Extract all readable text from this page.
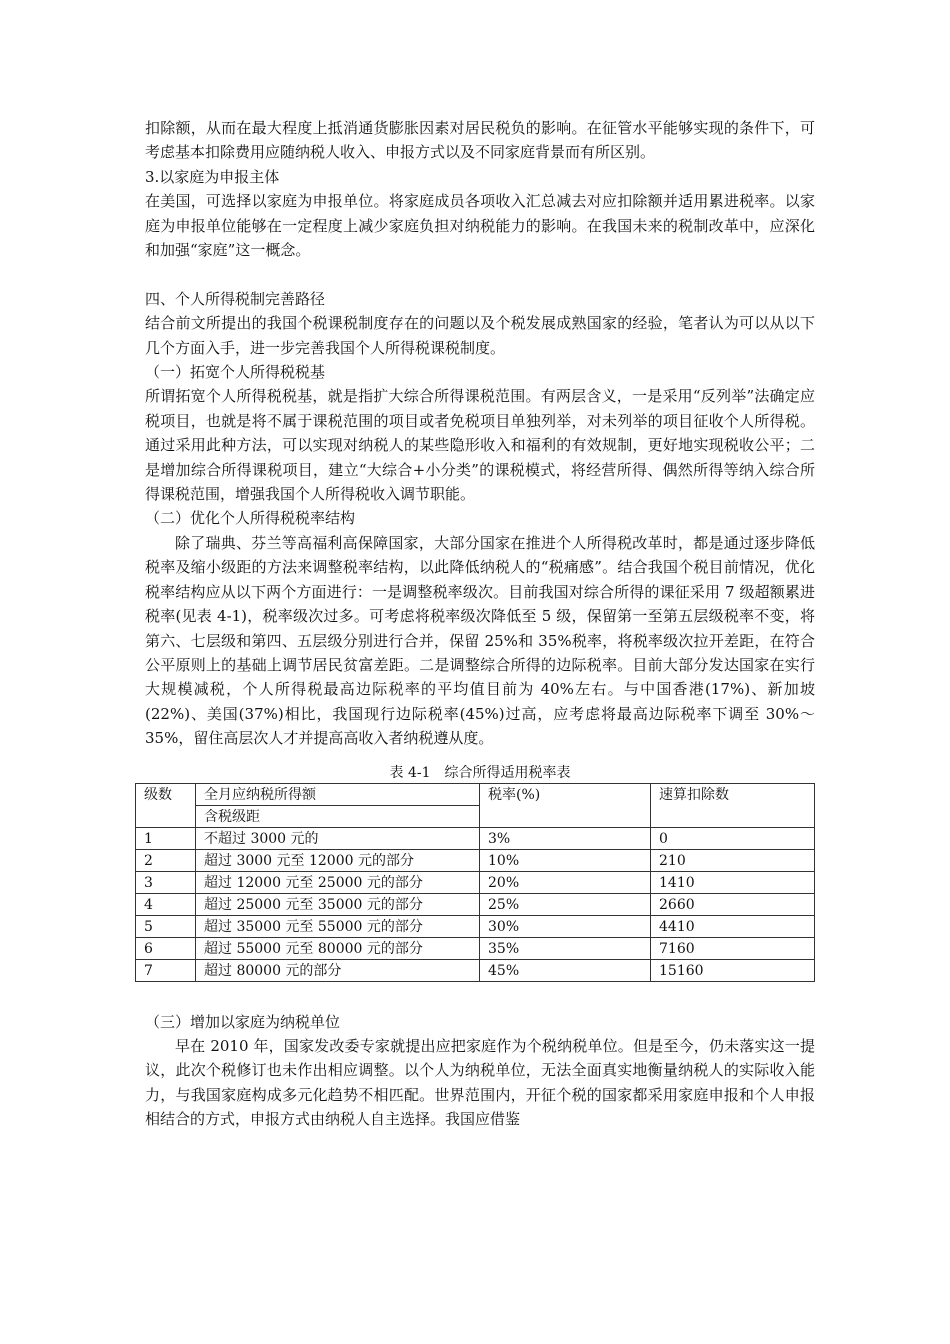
扣除额，从而在最大程度上抵消通货膨胀因素对居民税负的影响。在征管水平能够实现的条件下，可考虑基本扣除费用应随纳税人收入、申报方式以及不同家庭背景而有所区别。

3.以家庭为申报主体

在美国，可选择以家庭为申报单位。将家庭成员各项收入汇总减去对应扣除额并适用累进税率。以家庭为申报单位能够在一定程度上减少家庭负担对纳税能力的影响。在我国未来的税制改革中，应深化和加强“家庭”这一概念。

四、个人所得税制完善路径

结合前文所提出的我国个税课税制度存在的问题以及个税发展成熟国家的经验，笔者认为可以从以下几个方面入手，进一步完善我国个人所得税课税制度。

（一）拓宽个人所得税税基

所谓拓宽个人所得税税基，就是指扩大综合所得课税范围。有两层含义，一是采用“反列举”法确定应税项目，也就是将不属于课税范围的项目或者免税项目单独列举，对未列举的项目征收个人所得税。通过采用此种方法，可以实现对纳税人的某些隐形收入和福利的有效规制，更好地实现税收公平；二是增加综合所得课税项目，建立“大综合+小分类”的课税模式，将经营所得、偶然所得等纳入综合所得课税范围，增强我国个人所得税收入调节职能。

（二）优化个人所得税税率结构

除了瑞典、芬兰等高福利高保障国家，大部分国家在推进个人所得税改革时，都是通过逐步降低税率及缩小级距的方法来调整税率结构，以此降低纳税人的“税痛感”。结合我国个税目前情况，优化税率结构应从以下两个方面进行：一是调整税率级次。目前我国对综合所得的课征采用 7 级超额累进税率(见表 4-1)，税率级次过多。可考虑将税率级次降低至 5 级，保留第一至第五层级税率不变，将第六、七层级和第四、五层级分别进行合并，保留 25%和 35%税率，将税率级次拉开差距，在符合公平原则上的基础上调节居民贫富差距。二是调整综合所得的边际税率。目前大部分发达国家在实行大规模减税，个人所得税最高边际税率的平均值目前为 40%左右。与中国香港(17%)、新加坡(22%)、美国(37%)相比，我国现行边际税率(45%)过高，应考虑将最高边际税率下调至 30%～35%，留住高层次人才并提高高收入者纳税遵从度。

表 4-1　综合所得适用税率表

级数	全月应纳税所得额	税率(%)	速算扣除数
	含税级距		
1	不超过 3000 元的	3%	0
2	超过 3000 元至 12000 元的部分	10%	210
3	超过 12000 元至 25000 元的部分	20%	1410
4	超过 25000 元至 35000 元的部分	25%	2660
5	超过 35000 元至 55000 元的部分	30%	4410
6	超过 55000 元至 80000 元的部分	35%	7160
7	超过 80000 元的部分	45%	15160

（三）增加以家庭为纳税单位

早在 2010 年，国家发改委专家就提出应把家庭作为个税纳税单位。但是至今，仍未落实这一提议，此次个税修订也未作出相应调整。以个人为纳税单位，无法全面真实地衡量纳税人的实际收入能力，与我国家庭构成多元化趋势不相匹配。世界范围内，开征个税的国家都采用家庭申报和个人申报相结合的方式，申报方式由纳税人自主选择。我国应借鉴
